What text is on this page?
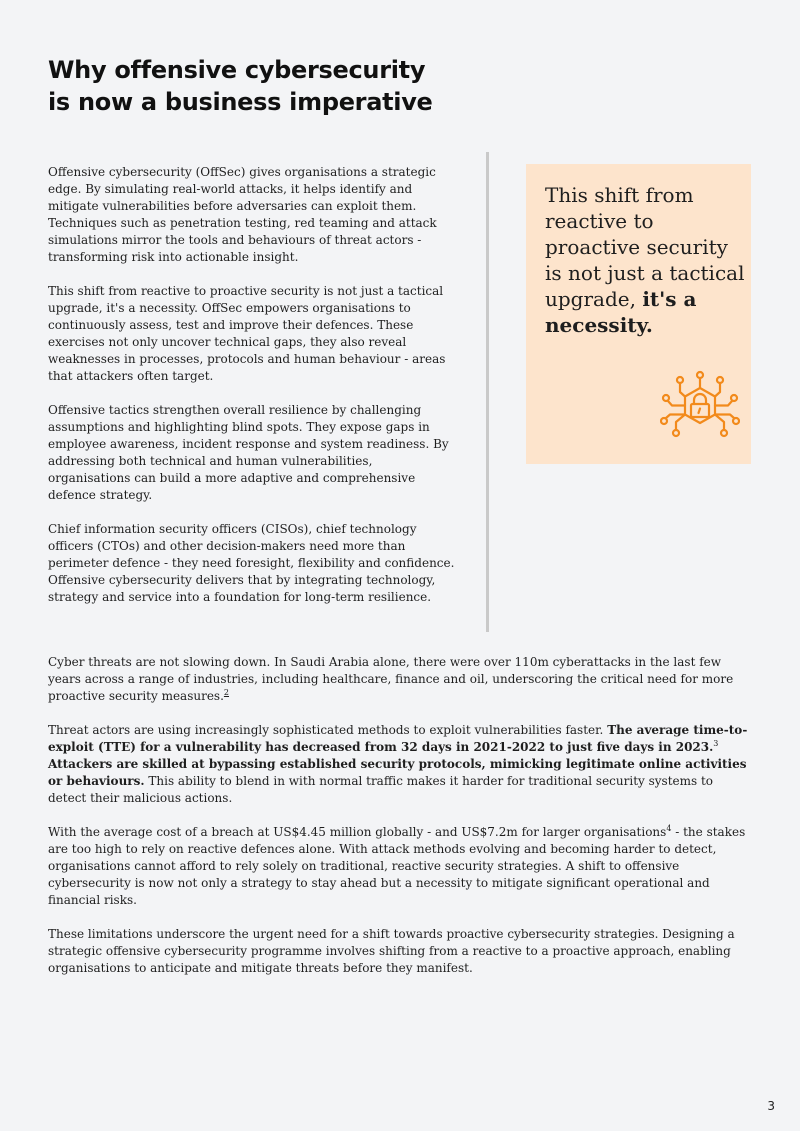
Why offensive cybersecurity
is now a business imperative

Offensive cybersecurity (OffSec) gives organisations a strategic edge. By simulating real-world attacks, it helps identify and mitigate vulnerabilities before adversaries can exploit them. Techniques such as penetration testing, red teaming and attack simulations mirror the tools and behaviours of threat actors - transforming risk into actionable insight.

This shift from reactive to proactive security is not just a tactical upgrade, it's a necessity. OffSec empowers organisations to continuously assess, test and improve their defences. These exercises not only uncover technical gaps, they also reveal weaknesses in processes, protocols and human behaviour - areas that attackers often target.

Offensive tactics strengthen overall resilience by challenging assumptions and highlighting blind spots. They expose gaps in employee awareness, incident response and system readiness. By addressing both technical and human vulnerabilities, organisations can build a more adaptive and comprehensive defence strategy.

Chief information security officers (CISOs), chief technology officers (CTOs) and other decision-makers need more than perimeter defence - they need foresight, flexibility and confidence. Offensive cybersecurity delivers that by integrating technology, strategy and service into a foundation for long-term resilience.

This shift from reactive to proactive security is not just a tactical upgrade, it's a necessity.

Cyber threats are not slowing down. In Saudi Arabia alone, there were over 110m cyberattacks in the last few years across a range of industries, including healthcare, finance and oil, underscoring the critical need for more proactive security measures.$^2$

Threat actors are using increasingly sophisticated methods to exploit vulnerabilities faster. The average time-to-exploit (TTE) for a vulnerability has decreased from 32 days in 2021-2022 to just five days in 2023.$^3$ Attackers are skilled at bypassing established security protocols, mimicking legitimate online activities or behaviours. This ability to blend in with normal traffic makes it harder for traditional security systems to detect their malicious actions.

With the average cost of a breach at US$4.45 million globally - and US$7.2m for larger organisations$^4$ - the stakes are too high to rely on reactive defences alone. With attack methods evolving and becoming harder to detect, organisations cannot afford to rely solely on traditional, reactive security strategies. A shift to offensive cybersecurity is now not only a strategy to stay ahead but a necessity to mitigate significant operational and financial risks.

These limitations underscore the urgent need for a shift towards proactive cybersecurity strategies. Designing a strategic offensive cybersecurity programme involves shifting from a reactive to a proactive approach, enabling organisations to anticipate and mitigate threats before they manifest.

3
